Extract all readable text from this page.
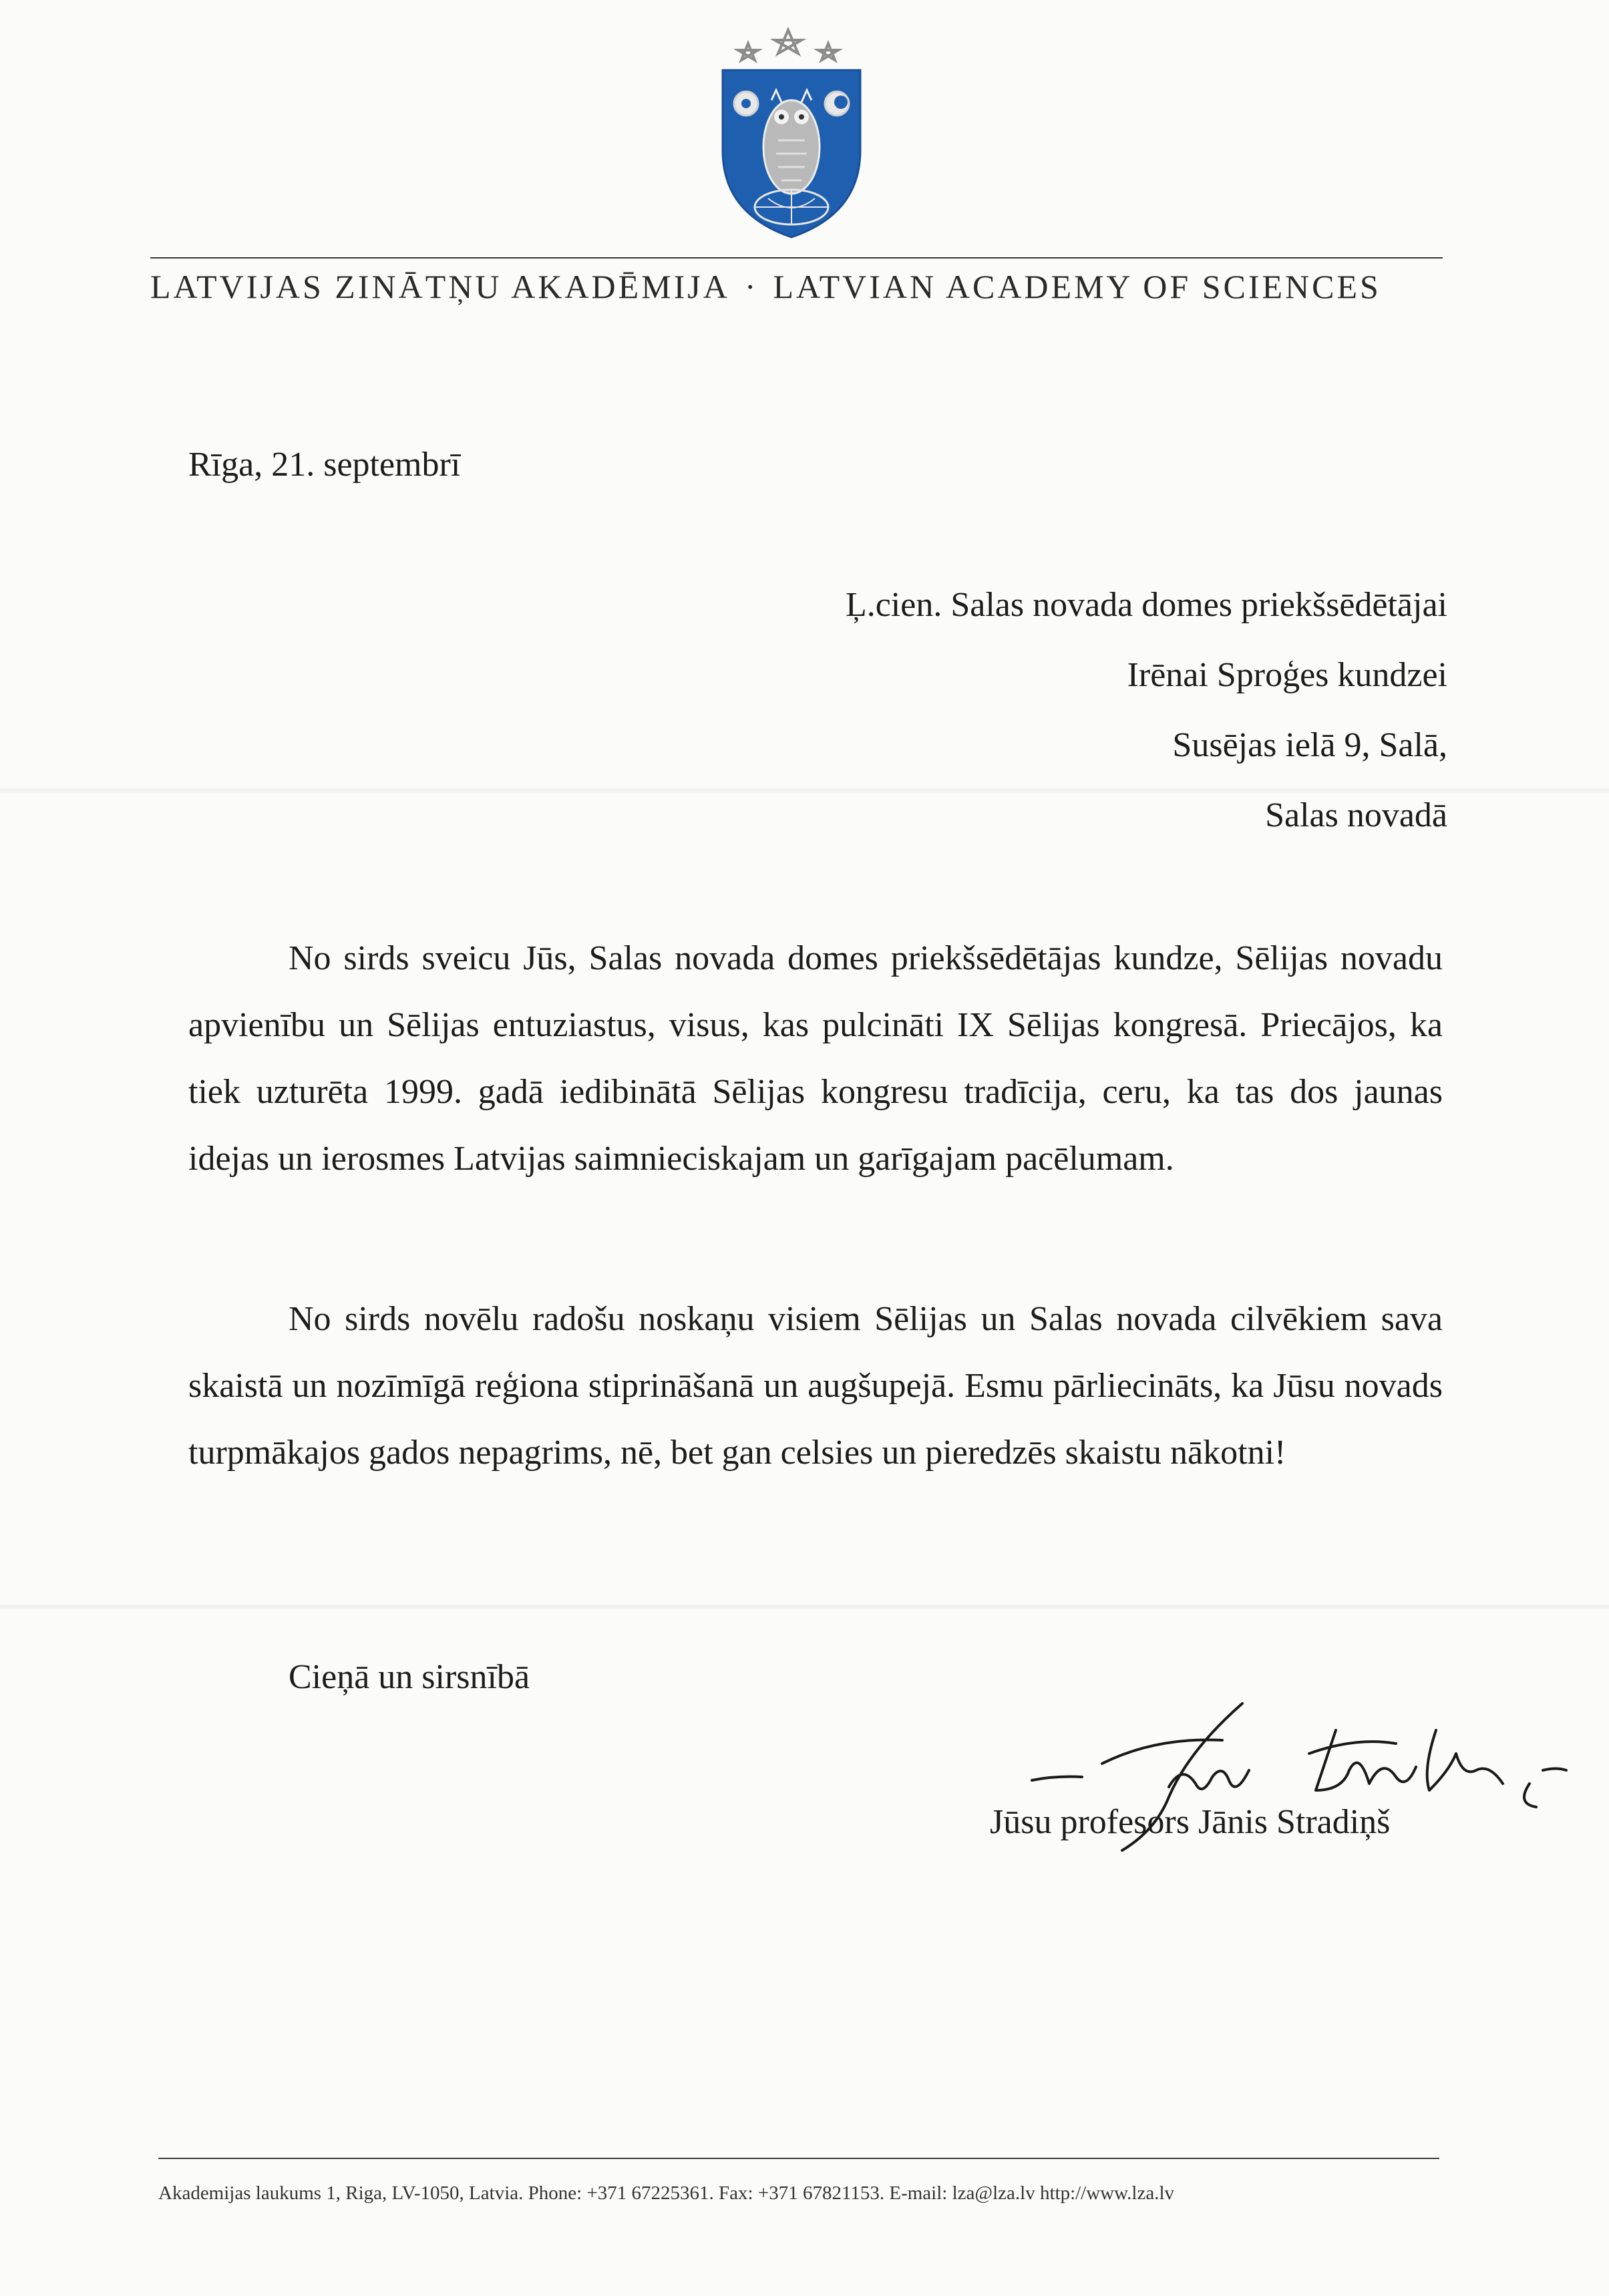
LATVIJAS ZINĀTŅU AKADĒMIJA · LATVIAN ACADEMY OF SCIENCES
Rīga, 21. septembrī
Ļ.cien. Salas novada domes priekšsēdētājai
Irēnai Sproģes kundzei
Susējas ielā 9, Salā,
Salas novadā

No sirds sveicu Jūs, Salas novada domes priekšsēdētājas kundze, Sēlijas novadu apvienību un Sēlijas entuziastus, visus, kas pulcināti IX Sēlijas kongresā. Priecājos, ka tiek uzturēta 1999. gadā iedibinātā Sēlijas kongresu tradīcija, ceru, ka tas dos jaunas idejas un ierosmes Latvijas saimnieciskajam un garīgajam pacēlumam.

No sirds novēlu radošu noskaņu visiem Sēlijas un Salas novada cilvēkiem sava skaistā un nozīmīgā reģiona stiprināšanā un augšupejā. Esmu pārliecināts, ka Jūsu novads turpmākajos gados nepagrims, nē, bet gan celsies un pieredzēs skaistu nākotni!

Cieņā un sirsnībā
Jūsu profesors Jānis Stradiņš
Akademijas laukums 1, Riga, LV-1050, Latvia. Phone: +371 67225361. Fax: +371 67821153. E-mail: lza@lza.lv http://www.lza.lv
